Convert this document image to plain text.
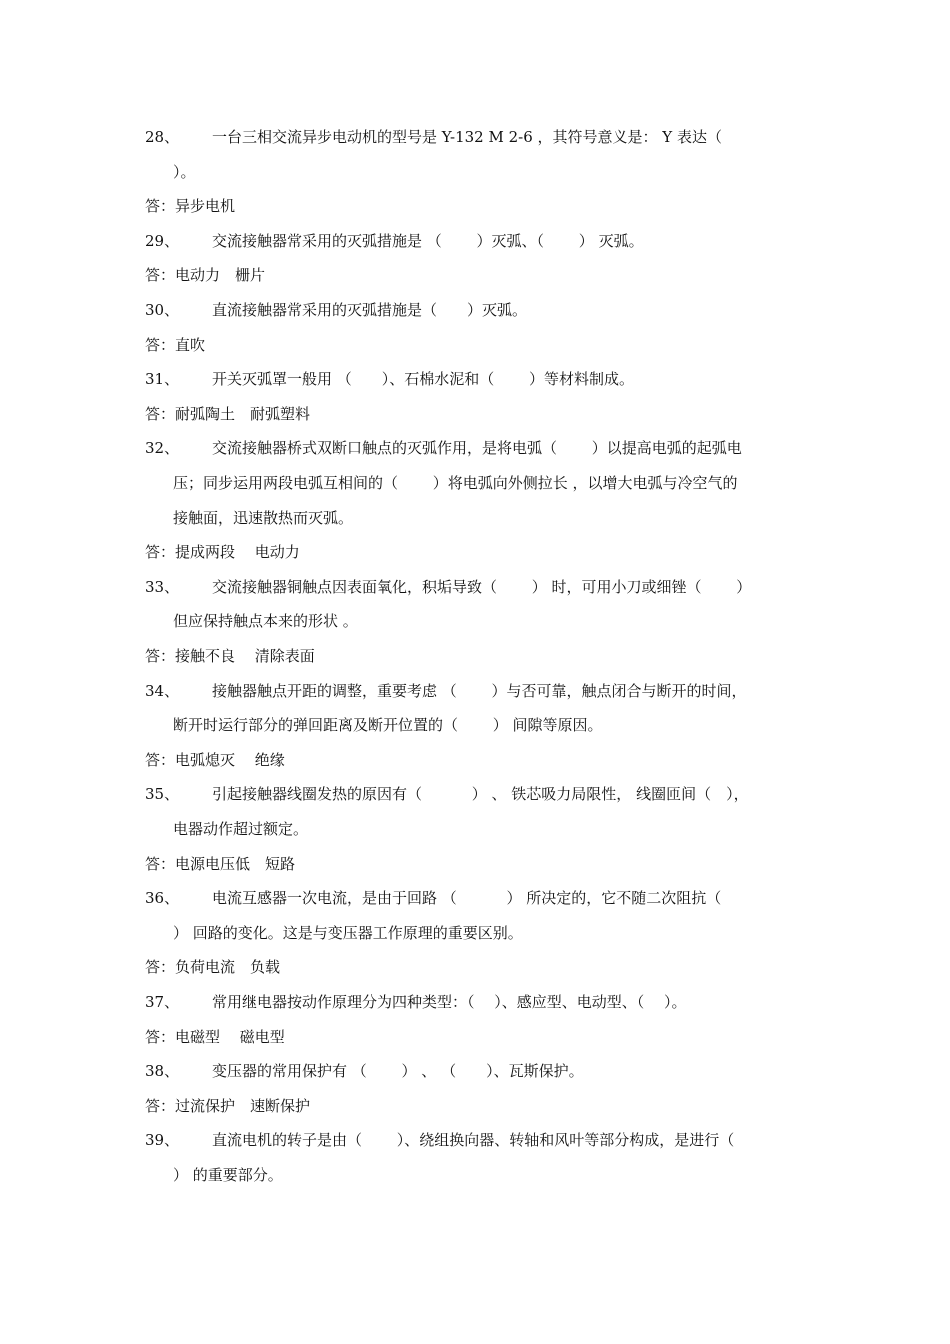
28、 一台三相交流异步电动机的型号是 Y-132 M 2-6 ，其符号意义是： Y 表达（
）。
答：异步电机
29、 交流接触器常采用的灭弧措施是 （　　 ）灭弧、（　　 ） 灭弧。
答：电动力　栅片
30、 直流接触器常采用的灭弧措施是（　　）灭弧。
答：直吹
31、 开关灭弧罩一般用 （　　）、石棉水泥和（　　 ）等材料制成。
答：耐弧陶土　耐弧塑料
32、 交流接触器桥式双断口触点的灭弧作用，是将电弧（　　 ）以提高电弧的起弧电
压；同步运用两段电弧互相间的（　　 ）将电弧向外侧拉长 ，以增大电弧与冷空气的
接触面，迅速散热而灭弧。
答：提成两段　 电动力
33、 交流接触器铜触点因表面氧化，积垢导致（　　 ） 时，可用小刀或细锉（　　 ）
但应保持触点本来的形状 。
答：接触不良　 清除表面
34、 接触器触点开距的调整，重要考虑 （　　 ）与否可靠，触点闭合与断开的时间，
断开时运行部分的弹回距离及断开位置的（　　 ） 间隙等原因。
答：电弧熄灭　 绝缘
35、 引起接触器线圈发热的原因有（　　　 ） 、 铁芯吸力局限性， 线圈匝间（　），
电器动作超过额定。
答：电源电压低　短路
36、 电流互感器一次电流，是由于回路 （　　　 ） 所决定的，它不随二次阻抗（
） 回路的变化。这是与变压器工作原理的重要区别。
答：负荷电流　负载
37、 常用继电器按动作原理分为四种类型：（　 ）、感应型、电动型、（　 ）。
答：电磁型　 磁电型
38、 变压器的常用保护有 （　　 ） 、 （　　）、瓦斯保护。
答：过流保护　速断保护
39、 直流电机的转子是由（　　 ）、绕组换向器、转轴和风叶等部分构成，是进行（
） 的重要部分。
